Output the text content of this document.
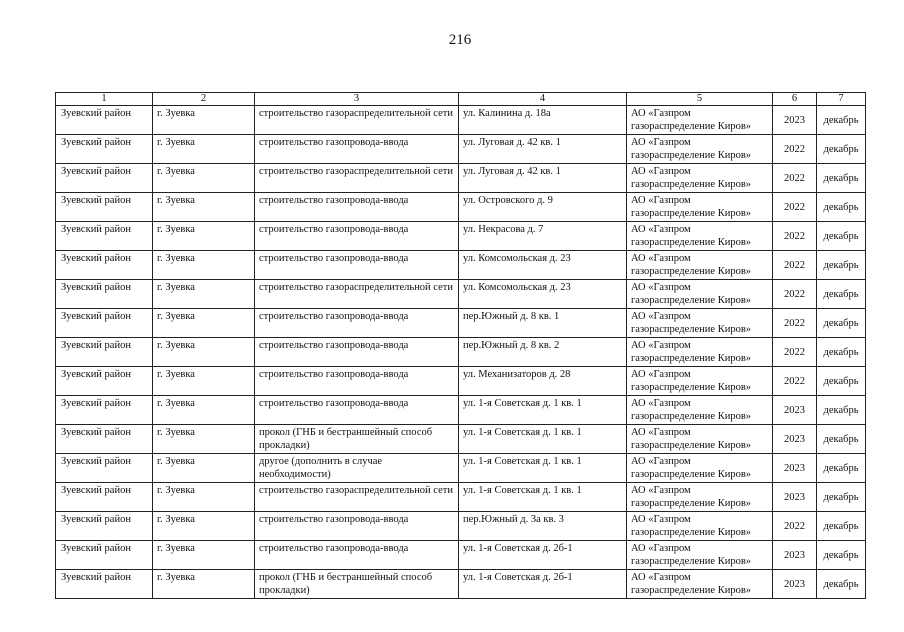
216
1	2	3	4	5	6	7
Зуевский район	г. Зуевка	строительство газораспределительной сети	ул. Калинина д. 18а	АО «Газпром газораспределение Киров»	2023	декабрь
Зуевский район	г. Зуевка	строительство газопровода-ввода	ул. Луговая д. 42 кв. 1	АО «Газпром газораспределение Киров»	2022	декабрь
Зуевский район	г. Зуевка	строительство газораспределительной сети	ул. Луговая д. 42 кв. 1	АО «Газпром газораспределение Киров»	2022	декабрь
Зуевский район	г. Зуевка	строительство газопровода-ввода	ул. Островского д. 9	АО «Газпром газораспределение Киров»	2022	декабрь
Зуевский район	г. Зуевка	строительство газопровода-ввода	ул. Некрасова д. 7	АО «Газпром газораспределение Киров»	2022	декабрь
Зуевский район	г. Зуевка	строительство газопровода-ввода	ул. Комсомольская д. 23	АО «Газпром газораспределение Киров»	2022	декабрь
Зуевский район	г. Зуевка	строительство газораспределительной сети	ул. Комсомольская д. 23	АО «Газпром газораспределение Киров»	2022	декабрь
Зуевский район	г. Зуевка	строительство газопровода-ввода	пер.Южный д. 8 кв. 1	АО «Газпром газораспределение Киров»	2022	декабрь
Зуевский район	г. Зуевка	строительство газопровода-ввода	пер.Южный д. 8 кв. 2	АО «Газпром газораспределение Киров»	2022	декабрь
Зуевский район	г. Зуевка	строительство газопровода-ввода	ул. Механизаторов д. 28	АО «Газпром газораспределение Киров»	2022	декабрь
Зуевский район	г. Зуевка	строительство газопровода-ввода	ул. 1-я Советская д. 1 кв. 1	АО «Газпром газораспределение Киров»	2023	декабрь
Зуевский район	г. Зуевка	прокол (ГНБ и бестраншейный способ прокладки)	ул. 1-я Советская д. 1 кв. 1	АО «Газпром газораспределение Киров»	2023	декабрь
Зуевский район	г. Зуевка	другое (дополнить в случае необходимости)	ул. 1-я Советская д. 1 кв. 1	АО «Газпром газораспределение Киров»	2023	декабрь
Зуевский район	г. Зуевка	строительство газораспределительной сети	ул. 1-я Советская д. 1 кв. 1	АО «Газпром газораспределение Киров»	2023	декабрь
Зуевский район	г. Зуевка	строительство газопровода-ввода	пер.Южный д. 3а кв. 3	АО «Газпром газораспределение Киров»	2022	декабрь
Зуевский район	г. Зуевка	строительство газопровода-ввода	ул. 1-я Советская д. 2б-1	АО «Газпром газораспределение Киров»	2023	декабрь
Зуевский район	г. Зуевка	прокол (ГНБ и бестраншейный способ прокладки)	ул. 1-я Советская д. 2б-1	АО «Газпром газораспределение Киров»	2023	декабрь
